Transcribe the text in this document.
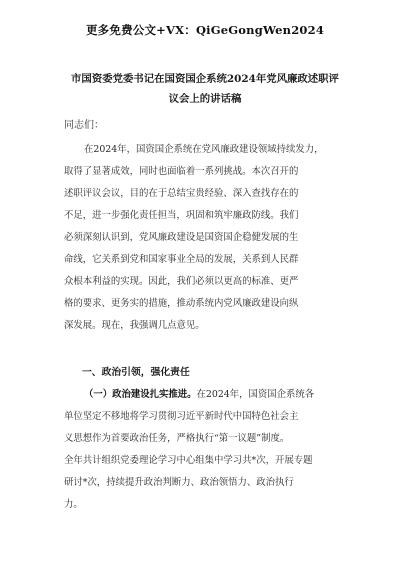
更多免费公文+VX：QiGeGongWen2024
市国资委党委书记在国资国企系统2024年党风廉政述职评
议会上的讲话稿
同志们：
在2024年，国资国企系统在党风廉政建设领域持续发力，
取得了显著成效，同时也面临着一系列挑战。本次召开的
述职评议会议，目的在于总结宝贵经验、深入查找存在的
不足，进一步强化责任担当，巩固和筑牢廉政防线。我们
必须深刻认识到，党风廉政建设是国资国企稳健发展的生
命线，它关系到党和国家事业全局的发展，关系到人民群
众根本利益的实现。因此，我们必须以更高的标准、更严
格的要求、更务实的措施，推动系统内党风廉政建设向纵
深发展。现在，我强调几点意见。
一、政治引领，强化责任
（一）政治建设扎实推进。在2024年，国资国企系统各
单位坚定不移地将学习贯彻习近平新时代中国特色社会主
义思想作为首要政治任务，严格执行“第一议题”制度。
全年共计组织党委理论学习中心组集中学习共*次，开展专题
研讨*次，持续提升政治判断力、政治领悟力、政治执行
力。
